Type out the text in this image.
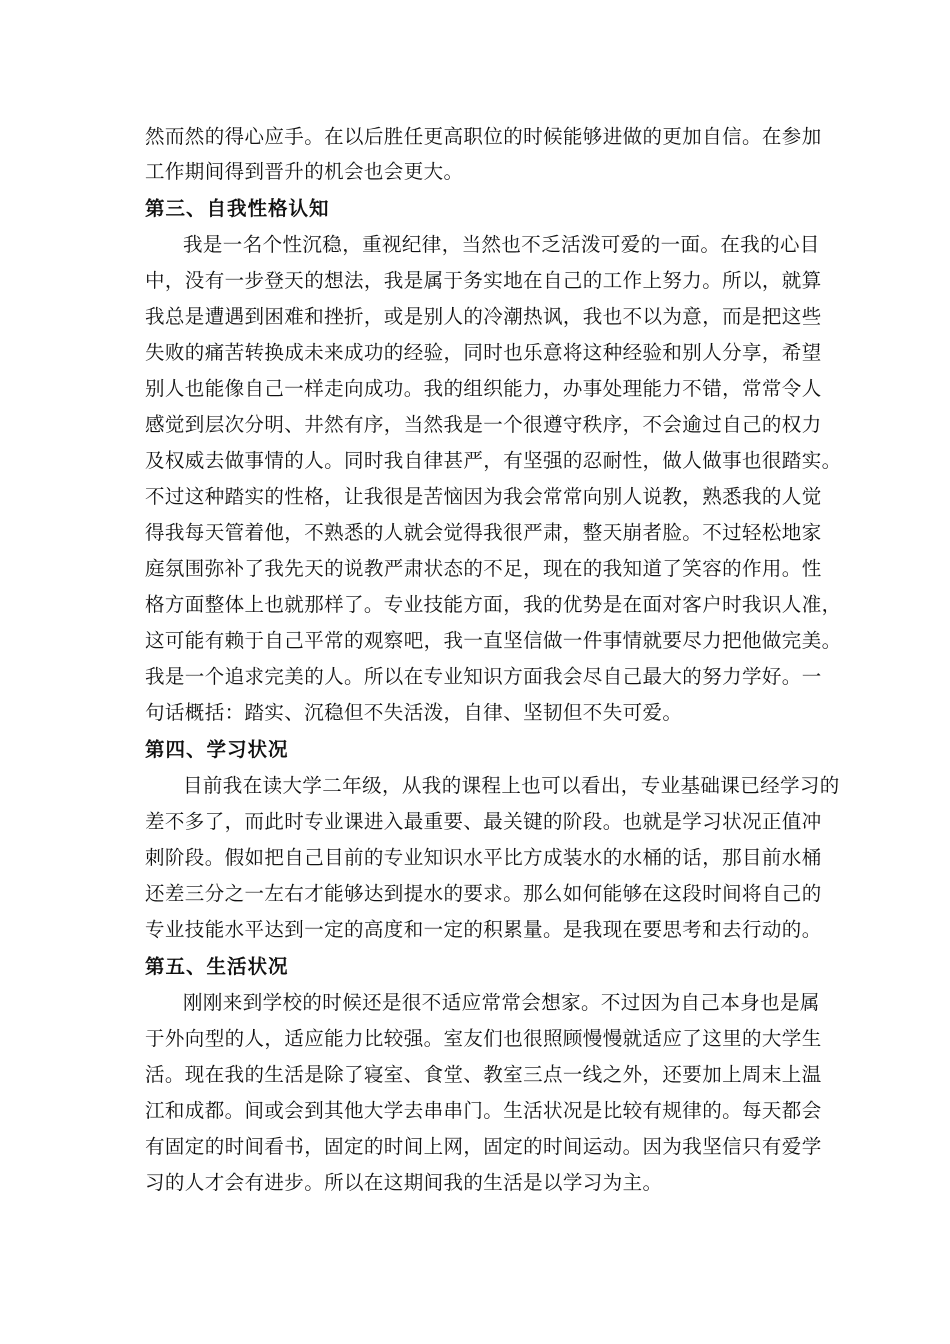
然而然的得心应手。在以后胜任更高职位的时候能够进做的更加自信。在参加
工作期间得到晋升的机会也会更大。
第三、自我性格认知
我是一名个性沉稳，重视纪律，当然也不乏活泼可爱的一面。在我的心目
中，没有一步登天的想法，我是属于务实地在自己的工作上努力。所以，就算
我总是遭遇到困难和挫折，或是别人的冷潮热讽，我也不以为意，而是把这些
失败的痛苦转换成未来成功的经验，同时也乐意将这种经验和别人分享，希望
别人也能像自己一样走向成功。我的组织能力，办事处理能力不错，常常令人
感觉到层次分明、井然有序，当然我是一个很遵守秩序，不会逾过自己的权力
及权威去做事情的人。同时我自律甚严，有坚强的忍耐性，做人做事也很踏实。
不过这种踏实的性格，让我很是苦恼因为我会常常向别人说教，熟悉我的人觉
得我每天管着他，不熟悉的人就会觉得我很严肃，整天崩者脸。不过轻松地家
庭氛围弥补了我先天的说教严肃状态的不足，现在的我知道了笑容的作用。性
格方面整体上也就那样了。专业技能方面，我的优势是在面对客户时我识人准，
这可能有赖于自己平常的观察吧，我一直坚信做一件事情就要尽力把他做完美。
我是一个追求完美的人。所以在专业知识方面我会尽自己最大的努力学好。一
句话概括：踏实、沉稳但不失活泼，自律、坚韧但不失可爱。
第四、学习状况
目前我在读大学二年级，从我的课程上也可以看出，专业基础课已经学习的
差不多了，而此时专业课进入最重要、最关键的阶段。也就是学习状况正值冲
刺阶段。假如把自己目前的专业知识水平比方成装水的水桶的话，那目前水桶
还差三分之一左右才能够达到提水的要求。那么如何能够在这段时间将自己的
专业技能水平达到一定的高度和一定的积累量。是我现在要思考和去行动的。
第五、生活状况
刚刚来到学校的时候还是很不适应常常会想家。不过因为自己本身也是属
于外向型的人，适应能力比较强。室友们也很照顾慢慢就适应了这里的大学生
活。现在我的生活是除了寝室、食堂、教室三点一线之外，还要加上周末上温
江和成都。间或会到其他大学去串串门。生活状况是比较有规律的。每天都会
有固定的时间看书，固定的时间上网，固定的时间运动。因为我坚信只有爱学
习的人才会有进步。所以在这期间我的生活是以学习为主。
